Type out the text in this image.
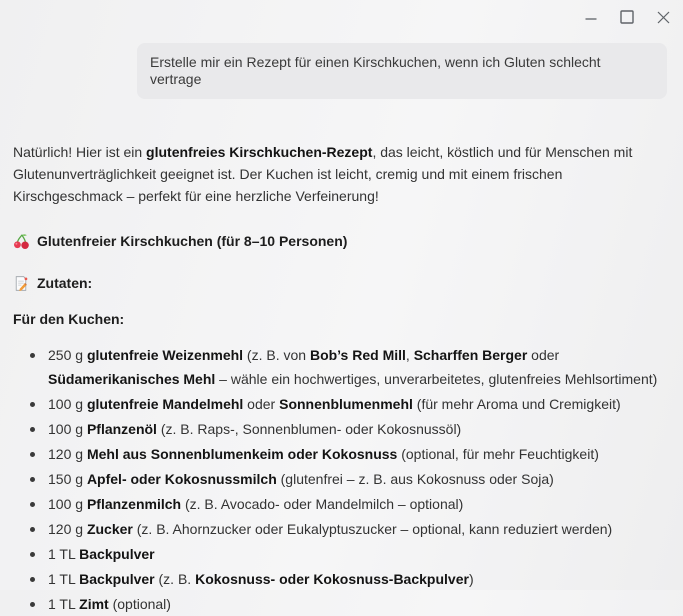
Erstelle mir ein Rezept für einen Kirschkuchen, wenn ich Gluten schlecht vertrage

Natürlich! Hier ist ein glutenfreies Kirschkuchen-Rezept, das leicht, köstlich und für Menschen mit Glutenunverträglichkeit geeignet ist. Der Kuchen ist leicht, cremig und mit einem frischen Kirschgeschmack – perfekt für eine herzliche Verfeinerung!

Glutenfreier Kirschkuchen (für 8–10 Personen)
Zutaten:

Für den Kuchen:

250 g glutenfreie Weizenmehl (z. B. von Bob’s Red Mill, Scharffen Berger oder Südamerikanisches Mehl – wähle ein hochwertiges, unverarbeitetes, glutenfreies Mehlsortiment)
100 g glutenfreie Mandelmehl oder Sonnenblumenmehl (für mehr Aroma und Cremigkeit)
100 g Pflanzenöl (z. B. Raps-, Sonnenblumen- oder Kokosnussöl)
120 g Mehl aus Sonnenblumenkeim oder Kokosnuss (optional, für mehr Feuchtigkeit)
150 g Apfel- oder Kokosnussmilch (glutenfrei – z. B. aus Kokosnuss oder Soja)
100 g Pflanzenmilch (z. B. Avocado- oder Mandelmilch – optional)
120 g Zucker (z. B. Ahornzucker oder Eukalyptuszucker – optional, kann reduziert werden)
1 TL Backpulver
1 TL Backpulver (z. B. Kokosnuss- oder Kokosnuss-Backpulver)
1 TL Zimt (optional)
